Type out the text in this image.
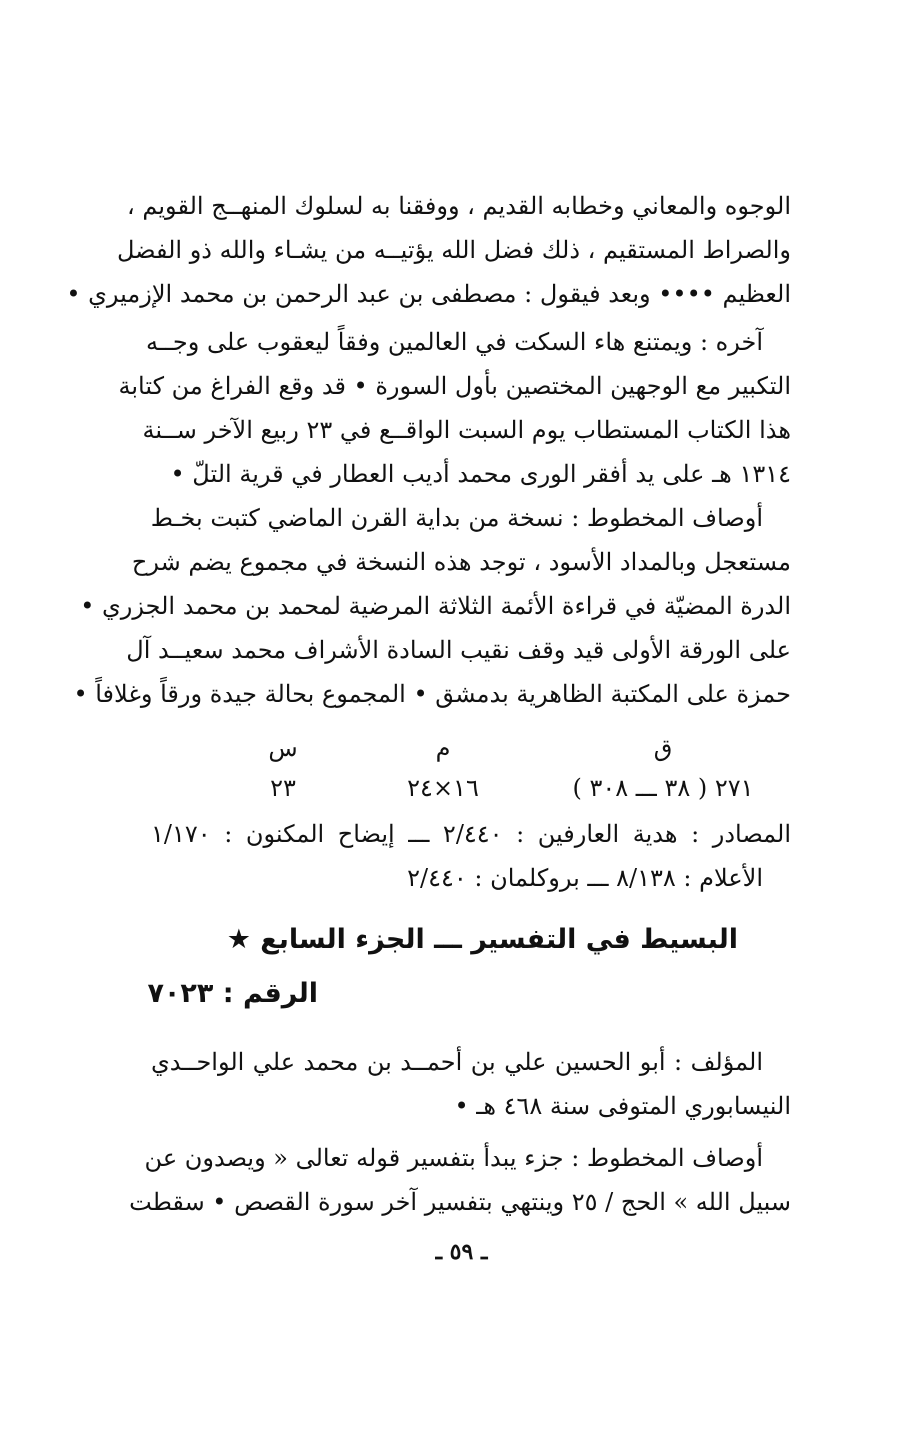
الوجوه والمعاني وخطابه القديم ، ووفقنا به لسلوك المنهــج القويم ،
والصراط المستقيم ، ذلك فضل الله يؤتيــه من يشـاء والله ذو الفضل
العظيم •••• وبعد فيقول : مصطفى بن عبد الرحمن بن محمد الإزميري •
آخره : ويمتنع هاء السكت في العالمين وفقاً ليعقوب على وجــه
التكبير مع الوجهين المختصين بأول السورة • قد وقع الفراغ من كتابة
هذا الكتاب المستطاب يوم السبت الواقــع في ٢٣ ربيع الآخر ســنة
١٣١٤ هـ على يد أفقر الورى محمد أديب العطار في قرية التلّ •
أوصاف المخطوط : نسخة من بداية القرن الماضي كتبت بخـط
مستعجل وبالمداد الأسود ، توجد هذه النسخة في مجموع يضم شرح
الدرة المضيّة في قراءة الأئمة الثلاثة المرضية لمحمد بن محمد الجزري •
على الورقة الأولى قيد وقف نقيب السادة الأشراف محمد سعيــد آل
حمزة على المكتبة الظاهرية بدمشق • المجموع بحالة جيدة ورقاً وغلافاً •
ق
٢٧١ ( ٣٨ ـــ ٣٠٨ )
م
١٦×٢٤
س
٢٣
المصادر : هدية العارفين : ٢/٤٤٠ ـــ إيضاح المكنون : ١/١٧٠
الأعلام : ٨/١٣٨ ـــ بروكلمان : ٢/٤٤٠
البسيط في التفسير ـــ الجزء السابع ★
الرقم : ٧٠٢٣
المؤلف : أبو الحسين علي بن أحمــد بن محمد علي الواحــدي
النيسابوري المتوفى سنة ٤٦٨ هـ •
أوصاف المخطوط : جزء يبدأ بتفسير قوله تعالى « ويصدون عن
سبيل الله » الحج / ٢٥ وينتهي بتفسير آخر سورة القصص • سقطت
ـ ٥٩ ـ
